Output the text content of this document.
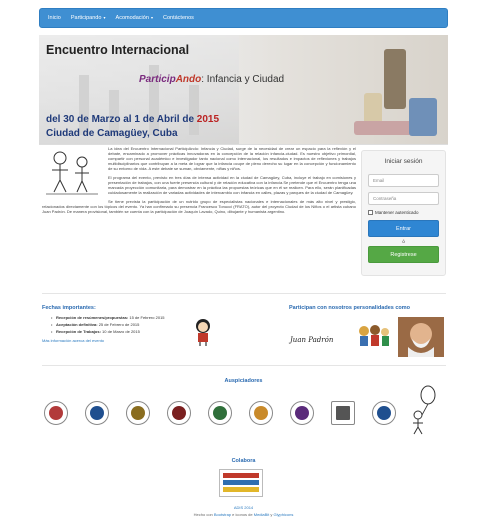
Inicio Participando ▾ Acomodación ▾ Contáctenos
Encuentro Internacional
ParticipAndo: Infancia y Ciudad
del 30 de Marzo al 1 de Abril de 2015
Ciudad de Camagüey, Cuba

La idea del Encuentro Internacional ParticipAndo: Infancia y Ciudad, surge de la necesidad de crear un espacio para la reflexión y el debate, encaminado a promover prácticas innovadoras en la concepción de la relación infancia-ciudad. Es nuestro objetivo primordial, compartir con personal académico e investigador tanto nacional como internacional, los resultados e impactos de reflexiones y trabajos multidisciplinarios que contribuyan a la meta de lograr que la infancia ocupe de pleno derecho su lugar en la concepción y funcionamiento de su entorno de vida. A este debate se suman, obviamente, niñas y niños.

El programa del evento, previsto en tres días de intensa actividad en la ciudad de Camagüey, Cuba, incluye el trabajo en comisiones y presentación de trabajos, con una fuerte presencia cultural y de relación educativa con la infancia.Se pretende que el Encuentro tenga una marcada proyección comunitaria, para demostrar en la práctica las propuestas teóricas que en él se realicen. Para ello, serán planificadas cuidadosamente la realización de variadas actividades de intercambio con infancia en calles, plazas y parques de la ciudad de Camagüey.

Se tiene prevista la participación de un nutrido grupo de especialistas nacionales e internacionales de más alto nivel y prestigio, relacionados directamente con los tópicos del evento. Ya han confirmado su presencia Francesco Tonucci (FRATO), autor del proyecto Ciudad de los Niños o el artista cubano Juan Padrón. De manera provisional, también se cuenta con la participación de Joaquín Lavado, Quino, dibujante y humanista argentino.

Iniciar sesión
Email
Contraseña
Mantener autenticado
Entrar
ó
Registrese
Fechas importantes:
• Recepción de resúmenes/propuestas: 15 de Febrero 2015
• Aceptación definitiva: 25 de Febrero de 2015
• Recepción de Trabajos: 10 de Marzo de 2015
Más información acerca del evento
Participan con nosotros personalidades como
Juan Padrón
Auspiciadores
Colabora
ADIS 2014
Hecho con Bootstrap e iconos de MediaBit y Glyphicons
